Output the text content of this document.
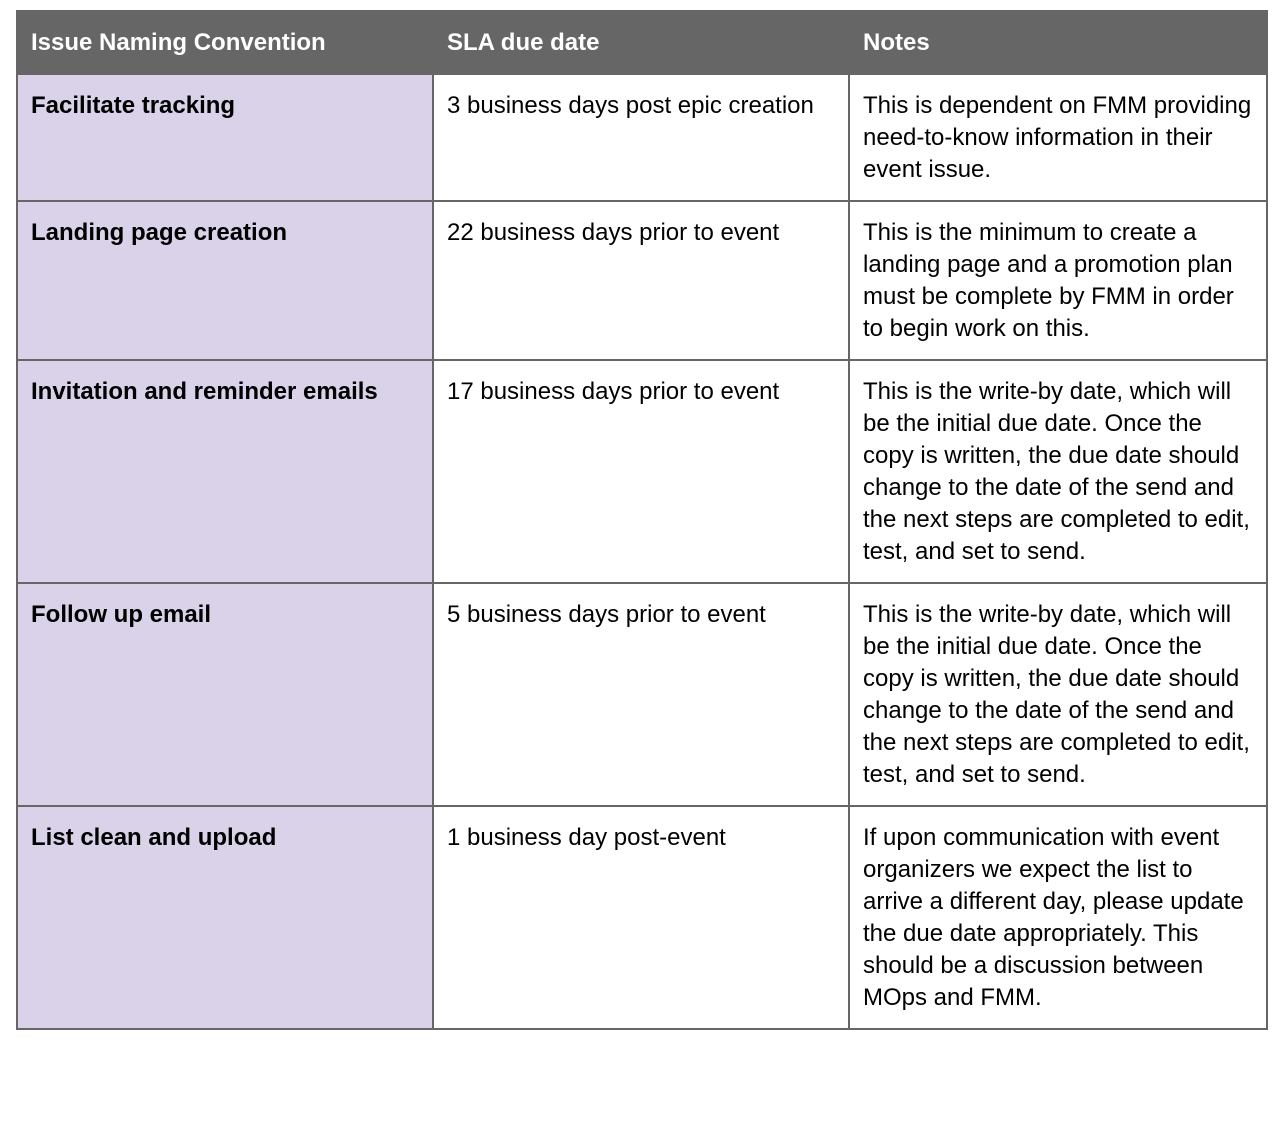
Issue Naming Convention	SLA due date	Notes
Facilitate tracking	3 business days post epic creation	This is dependent on FMM providing need-to-know information in their event issue.
Landing page creation	22 business days prior to event	This is the minimum to create a landing page and a promotion plan must be complete by FMM in order to begin work on this.
Invitation and reminder emails	17 business days prior to event	This is the write-by date, which will be the initial due date. Once the copy is written, the due date should change to the date of the send and the next steps are completed to edit, test, and set to send.
Follow up email	5 business days prior to event	This is the write-by date, which will be the initial due date. Once the copy is written, the due date should change to the date of the send and the next steps are completed to edit, test, and set to send.
List clean and upload	1 business day post-event	If upon communication with event organizers we expect the list to arrive a different day, please update the due date appropriately. This should be a discussion between MOps and FMM.
